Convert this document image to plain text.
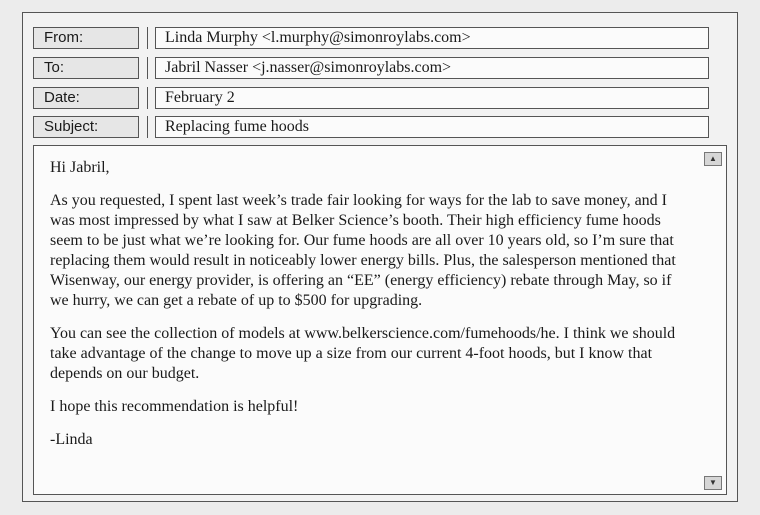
From:	Linda Murphy <l.murphy@simonroylabs.com>
To:	Jabril Nasser <j.nasser@simonroylabs.com>
Date:	February 2
Subject:	Replacing fume hoods

Hi Jabril,

As you requested, I spent last week’s trade fair looking for ways for the lab to save money, and I was most impressed by what I saw at Belker Science’s booth. Their high efficiency fume hoods seem to be just what we’re looking for. Our fume hoods are all over 10 years old, so I’m sure that replacing them would result in noticeably lower energy bills. Plus, the salesperson mentioned that Wisenway, our energy provider, is offering an “EE” (energy efficiency) rebate through May, so if we hurry, we can get a rebate of up to $500 for upgrading.

You can see the collection of models at www.belkerscience.com/fumehoods/he. I think we should take advantage of the change to move up a size from our current 4-foot hoods, but I know that depends on our budget.

I hope this recommendation is helpful!

-Linda

▲
▼
